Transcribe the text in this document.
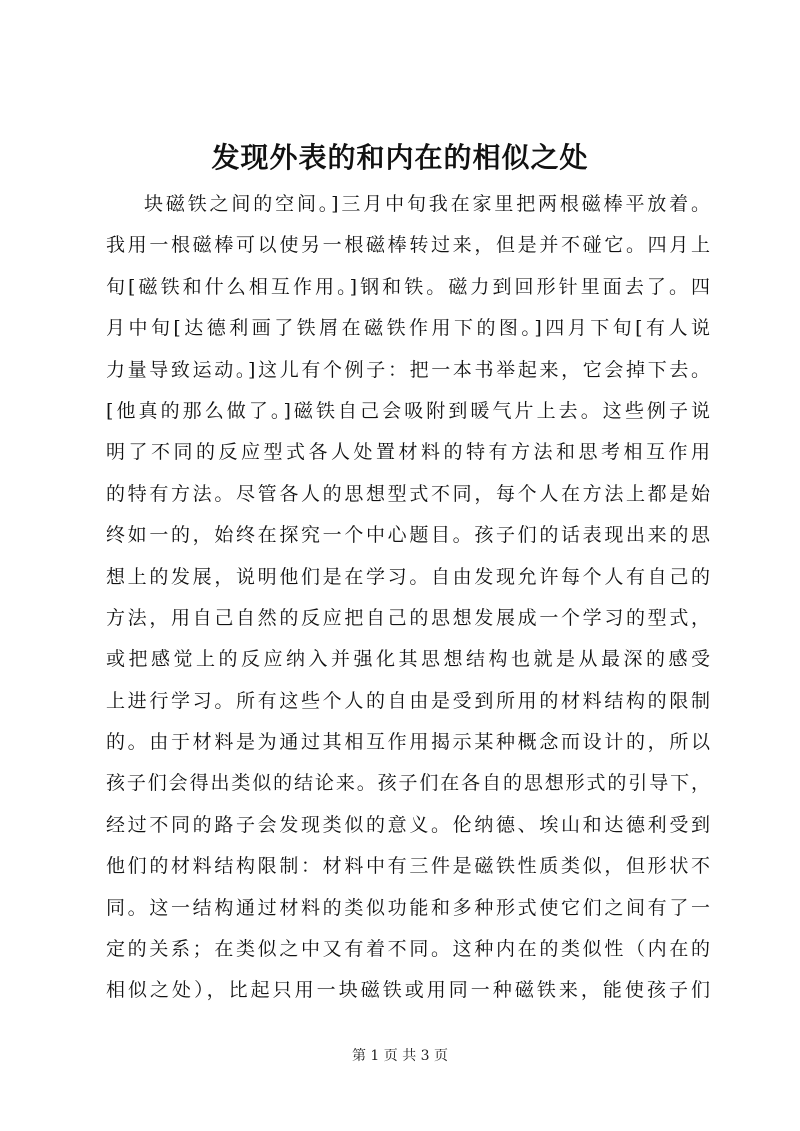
发现外表的和内在的相似之处
块磁铁之间的空间。]三月中旬我在家里把两根磁棒平放着。
我用一根磁棒可以使另一根磁棒转过来，但是并不碰它。四月上
旬[磁铁和什么相互作用。]钢和铁。磁力到回形针里面去了。四
月中旬[达德利画了铁屑在磁铁作用下的图。]四月下旬[有人说
力量导致运动。]这儿有个例子：把一本书举起来，它会掉下去。
[他真的那么做了。]磁铁自己会吸附到暖气片上去。这些例子说
明了不同的反应型式各人处置材料的特有方法和思考相互作用
的特有方法。尽管各人的思想型式不同，每个人在方法上都是始
终如一的，始终在探究一个中心题目。孩子们的话表现出来的思
想上的发展，说明他们是在学习。自由发现允许每个人有自己的
方法，用自己自然的反应把自己的思想发展成一个学习的型式，
或把感觉上的反应纳入并强化其思想结构也就是从最深的感受
上进行学习。所有这些个人的自由是受到所用的材料结构的限制
的。由于材料是为通过其相互作用揭示某种概念而设计的，所以
孩子们会得出类似的结论来。孩子们在各自的思想形式的引导下，
经过不同的路子会发现类似的意义。伦纳德、埃山和达德利受到
他们的材料结构限制：材料中有三件是磁铁性质类似，但形状不
同。这一结构通过材料的类似功能和多种形式使它们之间有了一
定的关系；在类似之中又有着不同。这种内在的类似性（内在的
相似之处），比起只用一块磁铁或用同一种磁铁来，能使孩子们
第 1 页 共 3 页
